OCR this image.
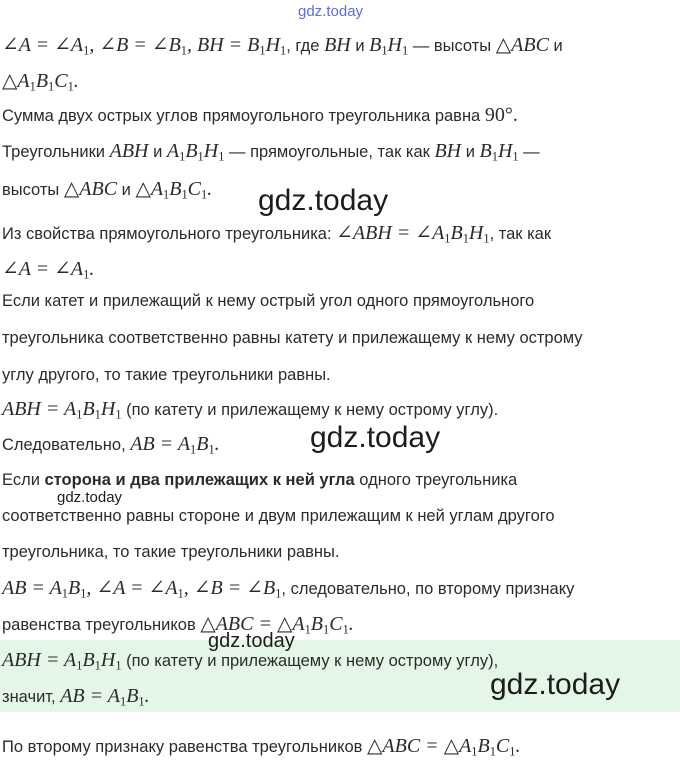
gdz.today
∠A = $\angle A_1$, ∠B = $\angle B_1$, BH = $B_1H_1$, где BH и $B_1H_1$ — высоты △ABC и
$\triangle A_1B_1C_1$.
Сумма двух острых углов прямоугольного треугольника равна 90°.
Треугольники ABH и $A_1B_1H_1$ — прямоугольные, так как BH и $B_1H_1$ —
высоты △ABC и $\triangle A_1B_1C_1$.	gdz.today
Из свойства прямоугольного треугольника: ∠ABH = $\angle A_1B_1H_1$, так как
∠A = $\angle A_1$.
Если катет и прилежащий к нему острый угол одного прямоугольного
треугольника соответственно равны катету и прилежащему к нему острому
углу другого, то такие треугольники равны.
ABH = $A_1B_1H_1$ (по катету и прилежащему к нему острому углу).
Следовательно, AB = $A_1B_1$.	gdz.today
Если сторона и два прилежащих к ней угла одного треугольника
gdz.today
соответственно равны стороне и двум прилежащим к ней углам другого
треугольника, то такие треугольники равны.
AB = $A_1B_1$, ∠A = $\angle A_1$, ∠B = $\angle B_1$, следовательно, по второму признаку
равенства треугольников △ABC = $\triangle A_1B_1C_1$.
gdz.today
ABH = $A_1B_1H_1$ (по катету и прилежащему к нему острому углу),
значит, AB = $A_1B_1$.	gdz.today
По второму признаку равенства треугольников △ABC = $\triangle A_1B_1C_1$.
